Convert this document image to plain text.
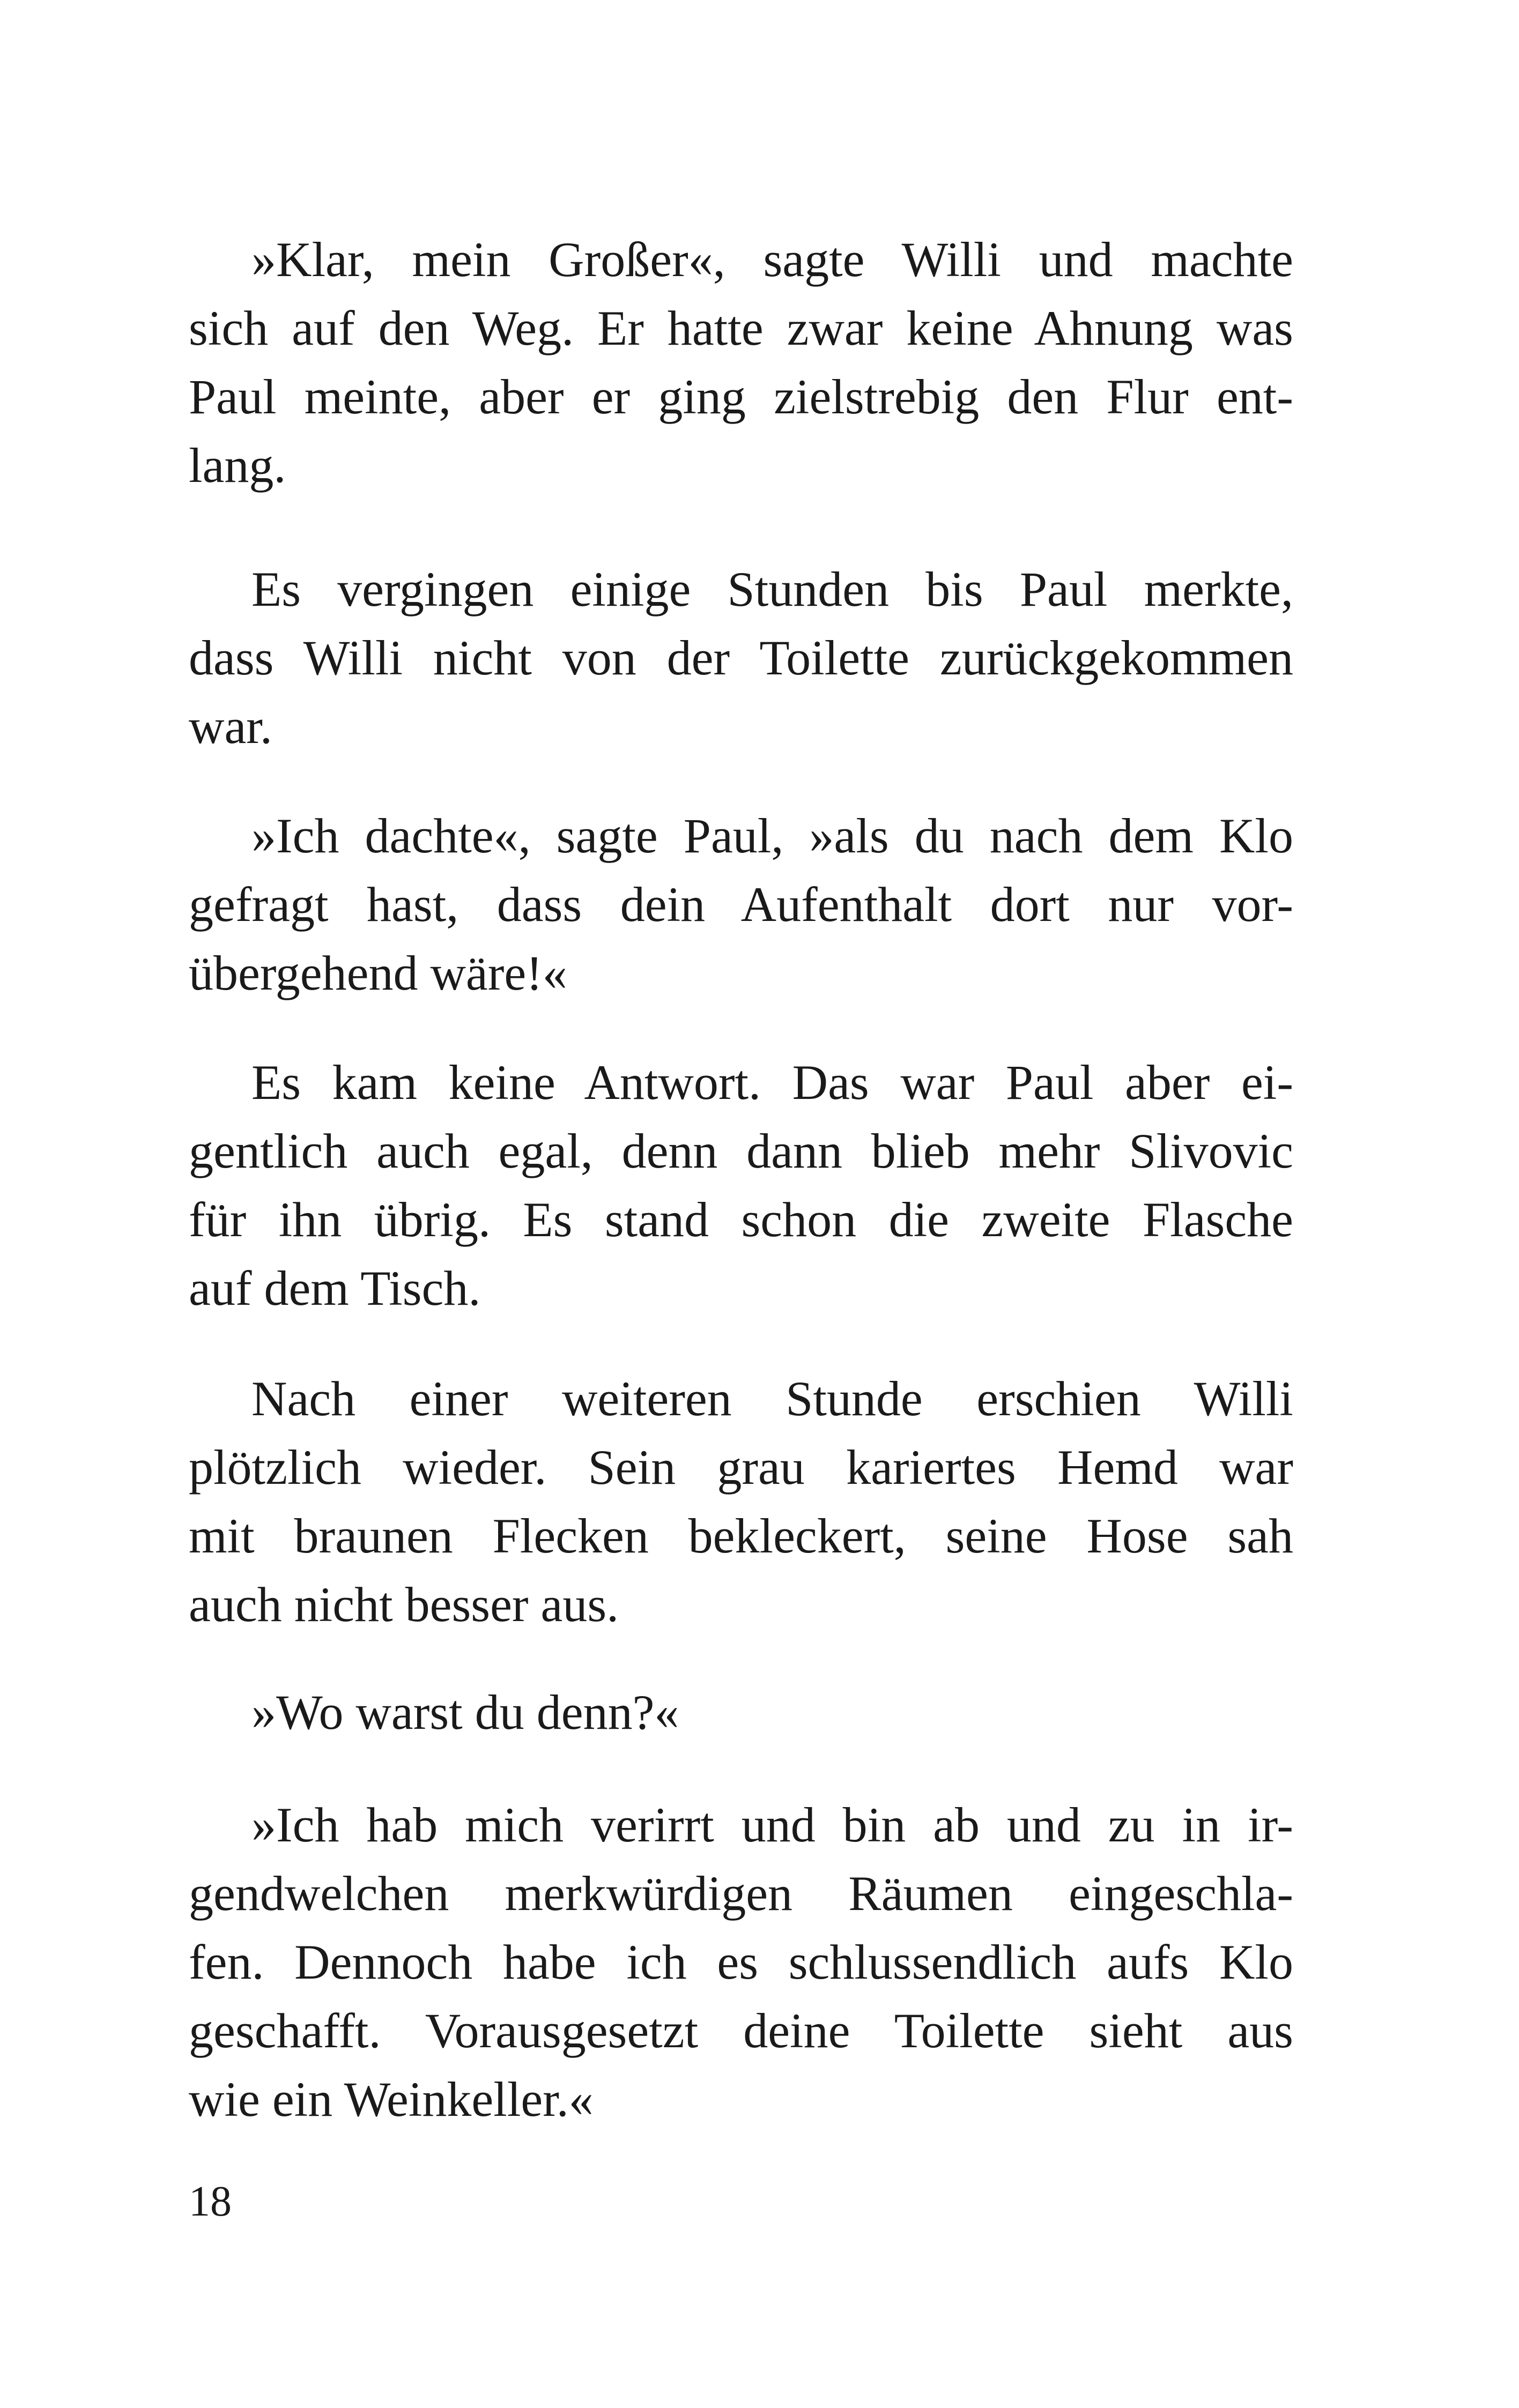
»Klar, mein Großer«, sagte Willi und machte
sich auf den Weg. Er hatte zwar keine Ahnung was
Paul meinte, aber er ging zielstrebig den Flur ent-
lang.
Es vergingen einige Stunden bis Paul merkte,
dass Willi nicht von der Toilette zurückgekommen
war.
»Ich dachte«, sagte Paul, »als du nach dem Klo
gefragt hast, dass dein Aufenthalt dort nur vor-
übergehend wäre!«
Es kam keine Antwort. Das war Paul aber ei-
gentlich auch egal, denn dann blieb mehr Slivovic
für ihn übrig. Es stand schon die zweite Flasche
auf dem Tisch.
Nach einer weiteren Stunde erschien Willi
plötzlich wieder. Sein grau kariertes Hemd war
mit braunen Flecken bekleckert, seine Hose sah
auch nicht besser aus.
»Wo warst du denn?«
»Ich hab mich verirrt und bin ab und zu in ir-
gendwelchen merkwürdigen Räumen eingeschla-
fen. Dennoch habe ich es schlussendlich aufs Klo
geschafft. Vorausgesetzt deine Toilette sieht aus
wie ein Weinkeller.«

18
